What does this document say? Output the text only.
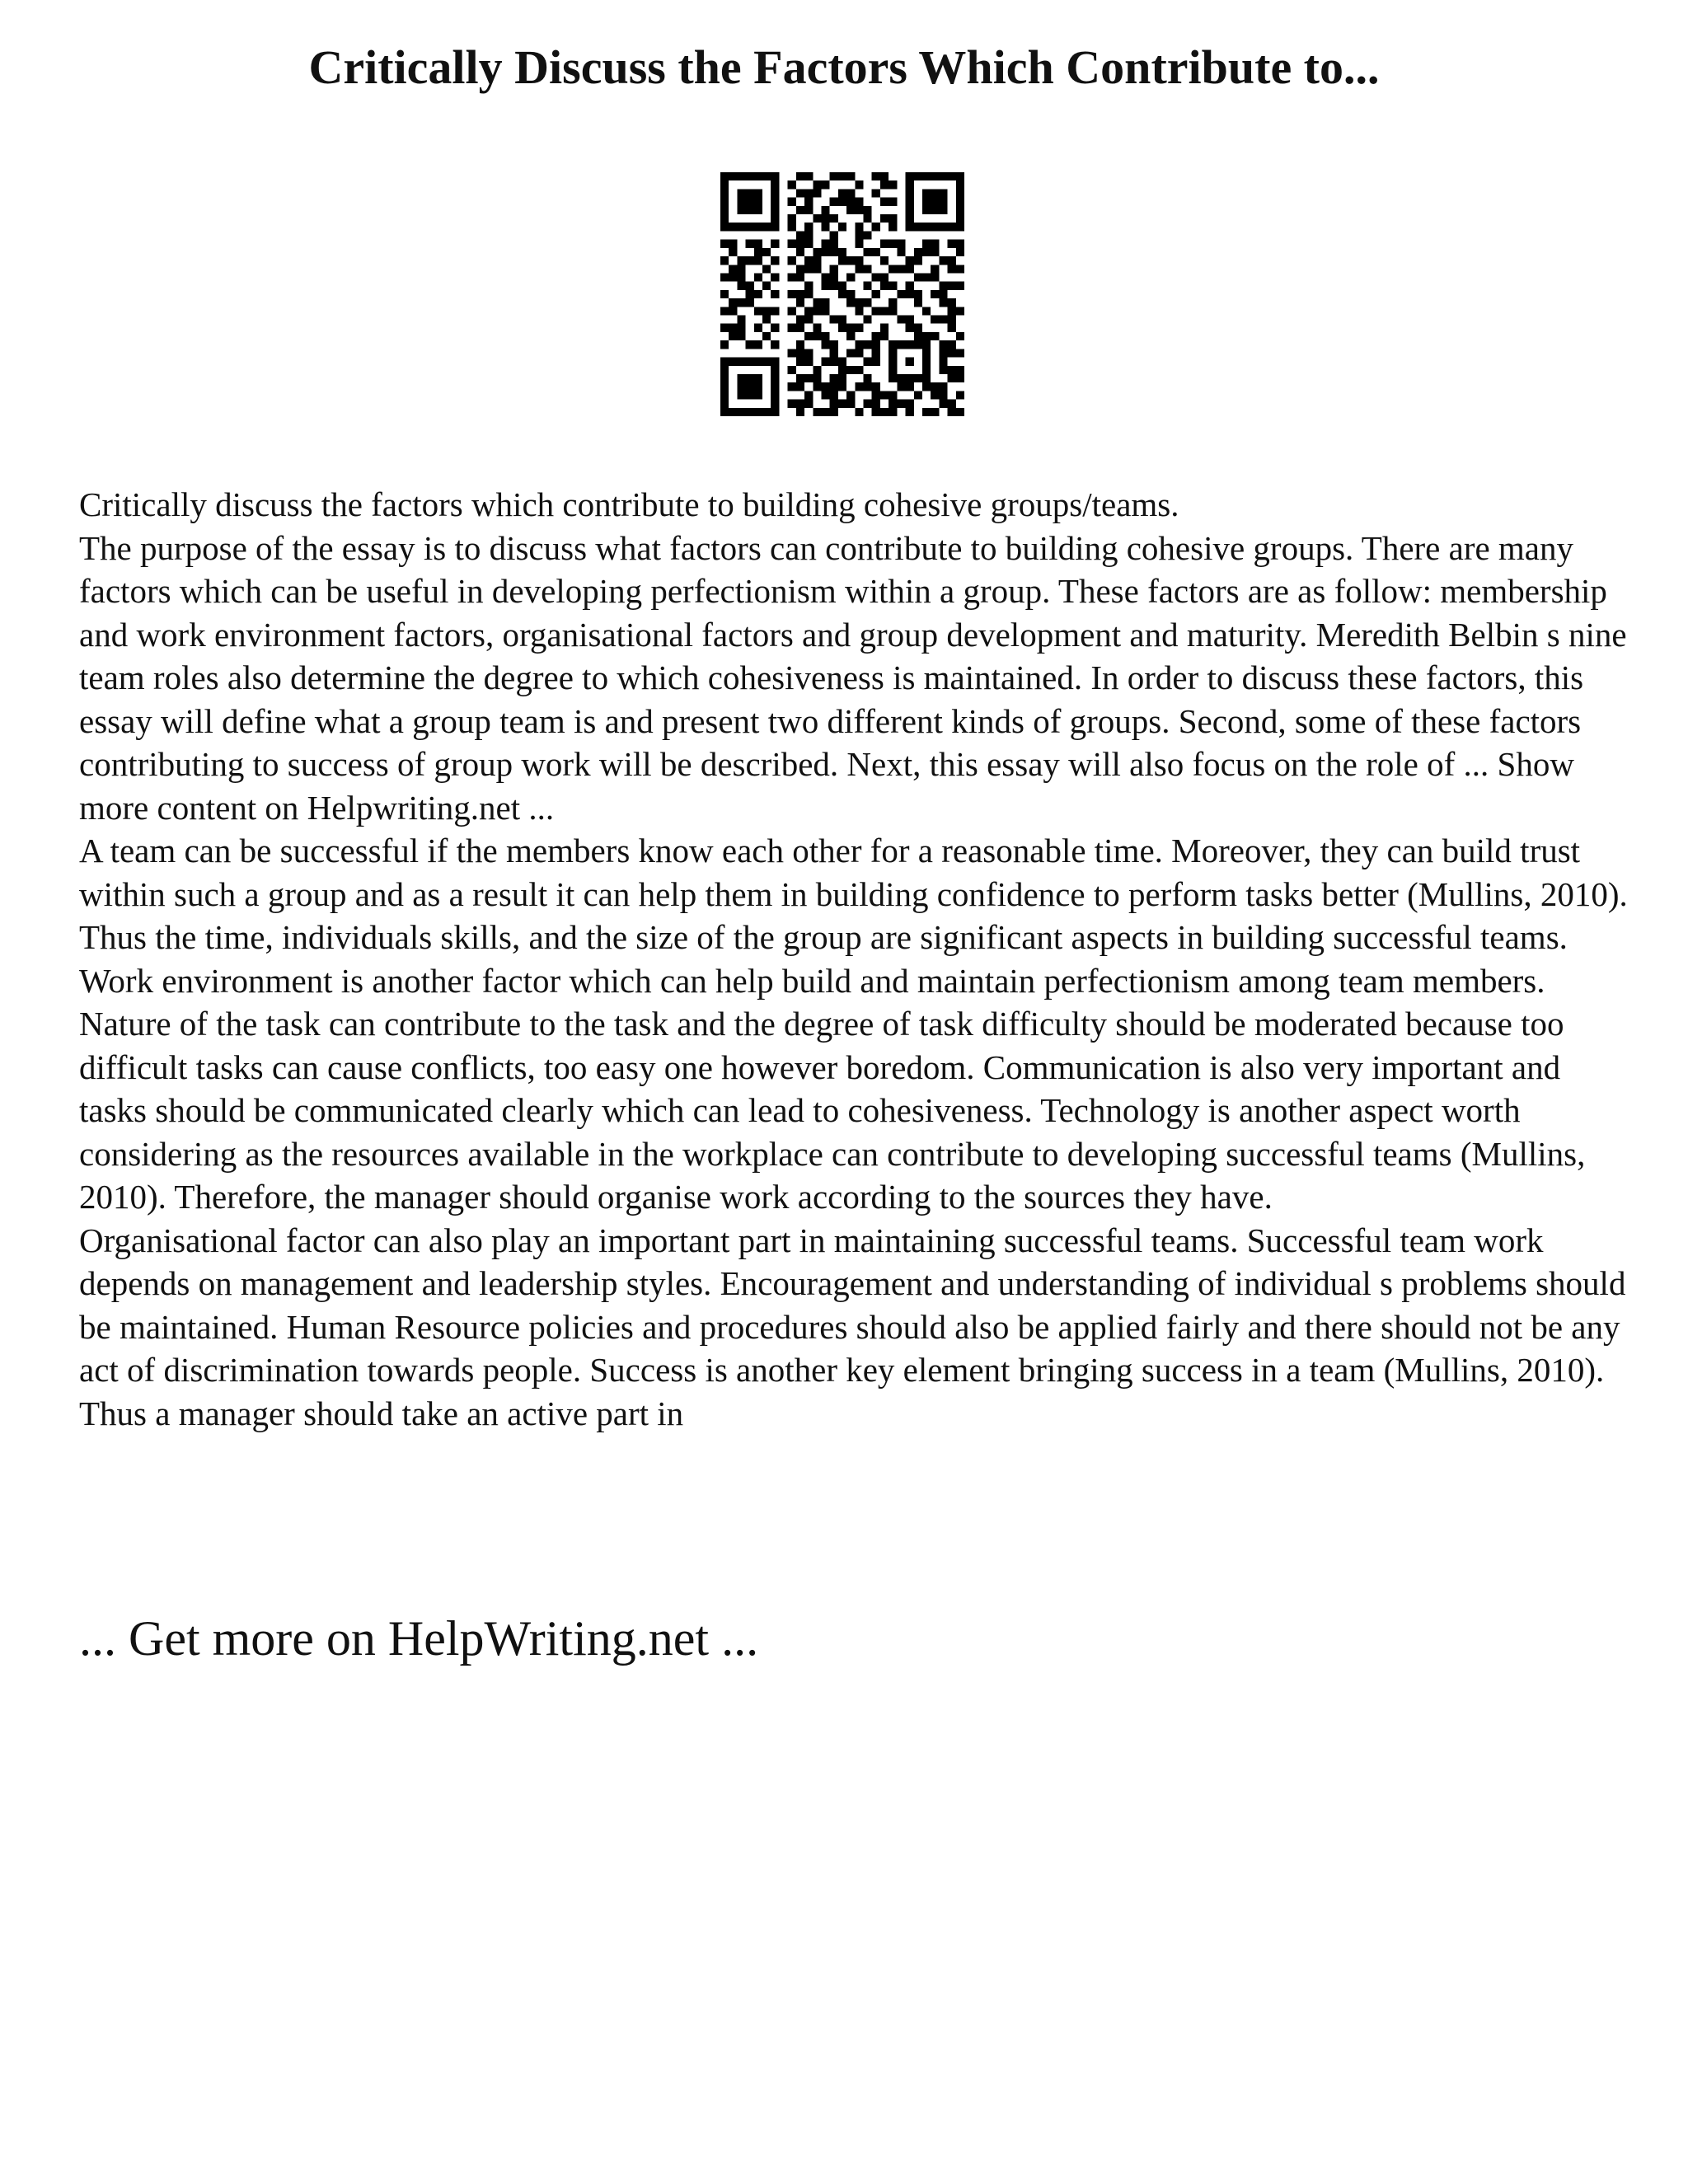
Critically Discuss the Factors Which Contribute to...

Critically discuss the factors which contribute to building cohesive groups/teams.

The purpose of the essay is to discuss what factors can contribute to building cohesive groups. There are many factors which can be useful in developing perfectionism within a group. These factors are as follow: membership and work environment factors, organisational factors and group development and maturity. Meredith Belbin s nine team roles also determine the degree to which cohesiveness is maintained. In order to discuss these factors, this essay will define what a group team is and present two different kinds of groups. Second, some of these factors contributing to success of group work will be described. Next, this essay will also focus on the role of ... Show more content on Helpwriting.net ...

A team can be successful if the members know each other for a reasonable time. Moreover, they can build trust within such a group and as a result it can help them in building confidence to perform tasks better (Mullins, 2010). Thus the time, individuals skills, and the size of the group are significant aspects in building successful teams.

Work environment is another factor which can help build and maintain perfectionism among team members. Nature of the task can contribute to the task and the degree of task difficulty should be moderated because too difficult tasks can cause conflicts, too easy one however boredom. Communication is also very important and tasks should be communicated clearly which can lead to cohesiveness. Technology is another aspect worth considering as the resources available in the workplace can contribute to developing successful teams (Mullins, 2010). Therefore, the manager should organise work according to the sources they have.

Organisational factor can also play an important part in maintaining successful teams. Successful team work depends on management and leadership styles. Encouragement and understanding of individual s problems should be maintained. Human Resource policies and procedures should also be applied fairly and there should not be any act of discrimination towards people. Success is another key element bringing success in a team (Mullins, 2010). Thus a manager should take an active part in

... Get more on HelpWriting.net ...
